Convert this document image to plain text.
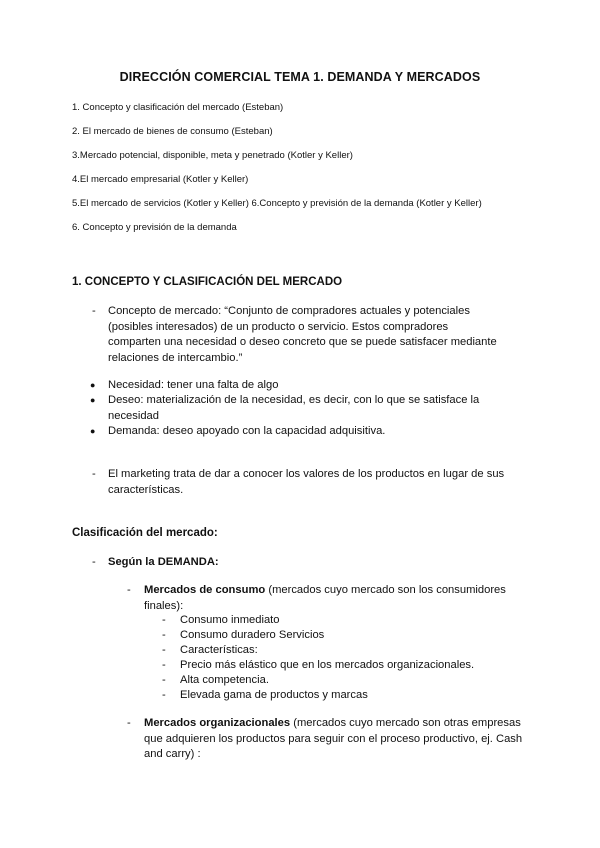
DIRECCIÓN COMERCIAL TEMA 1. DEMANDA Y MERCADOS
1. Concepto y clasificación del mercado (Esteban)
2. El mercado de bienes de consumo (Esteban)
3.Mercado potencial, disponible, meta y penetrado (Kotler y Keller)
4.El mercado empresarial (Kotler y Keller)
5.El mercado de servicios (Kotler y Keller) 6.Concepto y previsión de la demanda (Kotler y Keller)
6. Concepto y previsión de la demanda
1. CONCEPTO Y CLASIFICACIÓN DEL MERCADO
- Concepto de mercado: “Conjunto de compradores actuales y potenciales (posibles interesados) de un producto o servicio. Estos compradores comparten una necesidad o deseo concreto que se puede satisfacer mediante relaciones de intercambio.”
● Necesidad: tener una falta de algo
● Deseo: materialización de la necesidad, es decir, con lo que se satisface la necesidad
● Demanda: deseo apoyado con la capacidad adquisitiva.
- El marketing trata de dar a conocer los valores de los productos en lugar de sus características.
Clasificación del mercado:
- Según la DEMANDA:
- Mercados de consumo (mercados cuyo mercado son los consumidores finales):
- Consumo inmediato
- Consumo duradero Servicios
- Características:
- Precio más elástico que en los mercados organizacionales.
- Alta competencia.
- Elevada gama de productos y marcas
- Mercados organizacionales (mercados cuyo mercado son otras empresas que adquieren los productos para seguir con el proceso productivo, ej. Cash and carry) :
